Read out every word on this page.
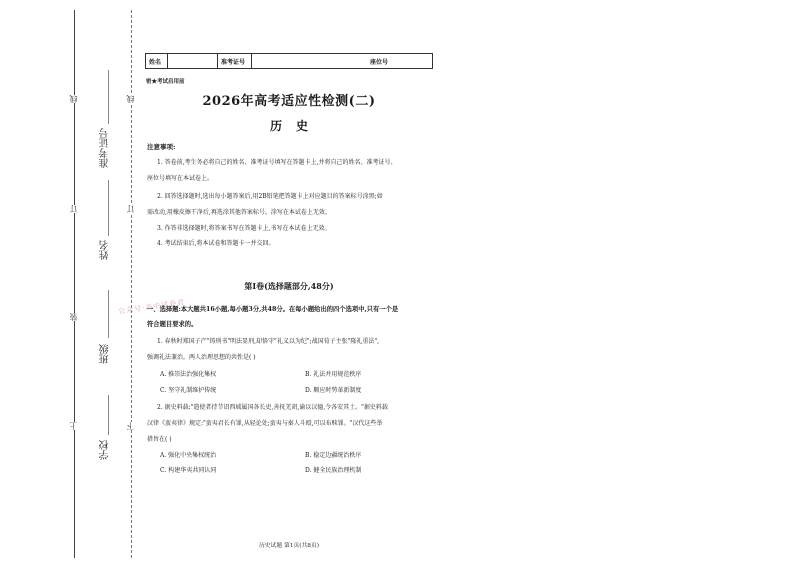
学校
班级
姓名
准考证号
线
订
装
上
线
订
下
姓名	准考证号	座位号
密★考试启用前
2026年高考适应性检测(二)
历史
注意事项:
1. 答卷前,考生务必将自己的姓名、准考证号填写在答题卡上,并将自己的姓名、准考证号、
座位号填写在本试卷上。
2. 回答选择题时,选出每小题答案后,用2B铅笔把答题卡上对应题目的答案标号涂黑;如
需改动,用橡皮擦干净后,再选涂其他答案标号。涂写在本试卷上无效。
3. 作答非选择题时,将答案书写在答题卡上,书写在本试卷上无效。
4. 考试结束后,将本试卷和答题卡一并交回。
第Ⅰ卷(选择题部分,48分)
公众号·高中试卷君
一、选择题:本大题共16小题,每小题3分,共48分。在每小题给出的四个选项中,只有一个是
符合题目要求的。
1. 春秋时郑国子产"铸刑书"明法显刑,却恪守"礼义以为纪";战国荀子主张"隆礼重法",
强调礼法兼治。两人治理思想的共性是( )
A. 推崇法治强化集权	B. 礼法并用规范秩序
C. 坚守礼制维护传统	D. 顺应时势革新制度
2. 据史料载:"遣使者持节诏西域属国各长吏,善抚羌胡,谕以汉德,令各安其土。"据史料载
汉律《蛮夷律》规定:"蛮夷君长有罪,从轻论处;蛮夷与秦人斗殴,可以布赎罪。"汉代这些举
措旨在( )
A. 强化中央集权统治	B. 稳定边疆统治秩序
C. 构建华夷共同认同	D. 健全民族治理机制
历史试题 第1页(共8页)
